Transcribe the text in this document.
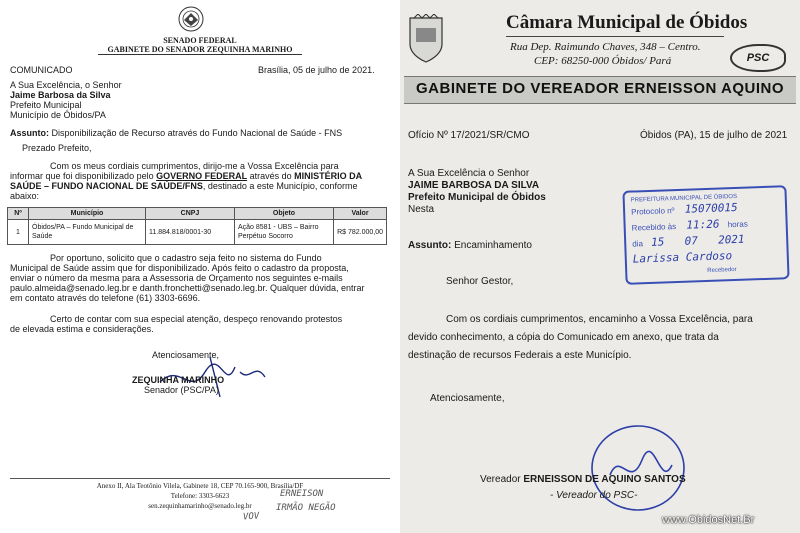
SENADO FEDERAL
GABINETE DO SENADOR ZEQUINHA MARINHO
COMUNICADO	Brasília, 05 de julho de 2021.
A Sua Excelência, o Senhor
Jaime Barbosa da Silva
Prefeito Municipal
Município de Óbidos/PA
Assunto: Disponibilização de Recurso através do Fundo Nacional de Saúde - FNS
Prezado Prefeito,
Com os meus cordiais cumprimentos, dirijo-me a Vossa Excelência para
informar que foi disponibilizado pelo GOVERNO FEDERAL através do MINISTÉRIO DA
SAÚDE – FUNDO NACIONAL DE SAÚDE/FNS, destinado a este Município, conforme
abaixo:
Nº	Município	CNPJ	Objeto	Valor
1	Óbidos/PA – Fundo Municipal de Saúde	11.884.818/0001-30	Ação 8581 - UBS – Bairro Perpétuo Socorro	R$ 782.000,00
Por oportuno, solicito que o cadastro seja feito no sistema do Fundo
Municipal de Saúde assim que for disponibilizado. Após feito o cadastro da proposta,
enviar o número da mesma para a Assessoria de Orçamento nos seguintes e-mails
paulo.almeida@senado.leg.br e danth.fronchetti@senado.leg.br. Qualquer dúvida, entrar
em contato através do telefone (61) 3303-6696.
Certo de contar com sua especial atenção, despeço renovando protestos
de elevada estima e considerações.
Atenciosamente,
ZEQUINHA MARINHO
Senador (PSC/PA)
Anexo II, Ala Teotônio Vilela, Gabinete 18, CEP 70.165-900, Brasília/DF
Telefone: 3303-6623
sen.zequinhamarinho@senado.leg.br
VOV
ERNEISON
IRMÃO NEGÃO
Câmara Municipal de Óbidos
Rua Dep. Raimundo Chaves, 348 – Centro.
CEP: 68250-000 Óbidos/ Pará	PSC
GABINETE DO VEREADOR ERNEISSON AQUINO
Ofício Nº 17/2021/SR/CMO	Óbidos (PA), 15 de julho de 2021
A Sua Excelência o Senhor
JAIME BARBOSA DA SILVA
Prefeito Municipal de Óbidos
Nesta
Assunto: Encaminhamento
Senhor Gestor,
Com os cordiais cumprimentos, encaminho a Vossa Excelência, para
devido conhecimento, a cópia do Comunicado em anexo, que trata da
destinação de recursos Federais a este Município.
Atenciosamente,
Vereador ERNEISSON DE AQUINO SANTOS
- Vereador do PSC-
www.ObidosNet.Br
PREFEITURA MUNICIPAL DE ÓBIDOS
Protocolo nº 15070015
Recebido às 11:26 horas
dia 15 07 2021
Larissa Cardoso
Recebedor
